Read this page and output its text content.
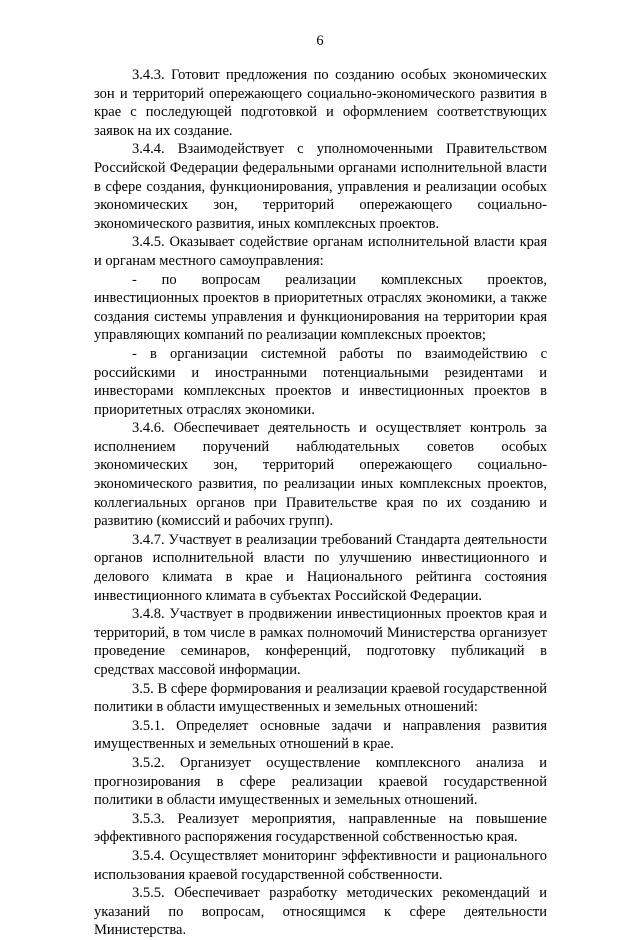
6

3.4.3. Готовит предложения по созданию особых экономических зон и территорий опережающего социально-экономического развития в крае с последующей подготовкой и оформлением соответствующих заявок на их создание.

3.4.4. Взаимодействует с уполномоченными Правительством Российской Федерации федеральными органами исполнительной власти в сфере создания, функционирования, управления и реализации особых экономических зон, территорий опережающего социально-экономического развития, иных комплексных проектов.

3.4.5. Оказывает содействие органам исполнительной власти края и органам местного самоуправления:

- по вопросам реализации комплексных проектов, инвестиционных проектов в приоритетных отраслях экономики, а также создания системы управления и функционирования на территории края управляющих компаний по реализации комплексных проектов;

- в организации системной работы по взаимодействию с российскими и иностранными потенциальными резидентами и инвесторами комплексных проектов и инвестиционных проектов в приоритетных отраслях экономики.

3.4.6. Обеспечивает деятельность и осуществляет контроль за исполнением поручений наблюдательных советов особых экономических зон, территорий опережающего социально-экономического развития, по реализации иных комплексных проектов, коллегиальных органов при Правительстве края по их созданию и развитию (комиссий и рабочих групп).

3.4.7. Участвует в реализации требований Стандарта деятельности органов исполнительной власти по улучшению инвестиционного и делового климата в крае и Национального рейтинга состояния инвестиционного климата в субъектах Российской Федерации.

3.4.8. Участвует в продвижении инвестиционных проектов края и территорий, в том числе в рамках полномочий Министерства организует проведение семинаров, конференций, подготовку публикаций в средствах массовой информации.

3.5. В сфере формирования и реализации краевой государственной политики в области имущественных и земельных отношений:

3.5.1. Определяет основные задачи и направления развития имущественных и земельных отношений в крае.

3.5.2. Организует осуществление комплексного анализа и прогнозирования в сфере реализации краевой государственной политики в области имущественных и земельных отношений.

3.5.3. Реализует мероприятия, направленные на повышение эффективного распоряжения государственной собственностью края.

3.5.4. Осуществляет мониторинг эффективности и рационального использования краевой государственной собственности.

3.5.5. Обеспечивает разработку методических рекомендаций и указаний по вопросам, относящимся к сфере деятельности Министерства.
